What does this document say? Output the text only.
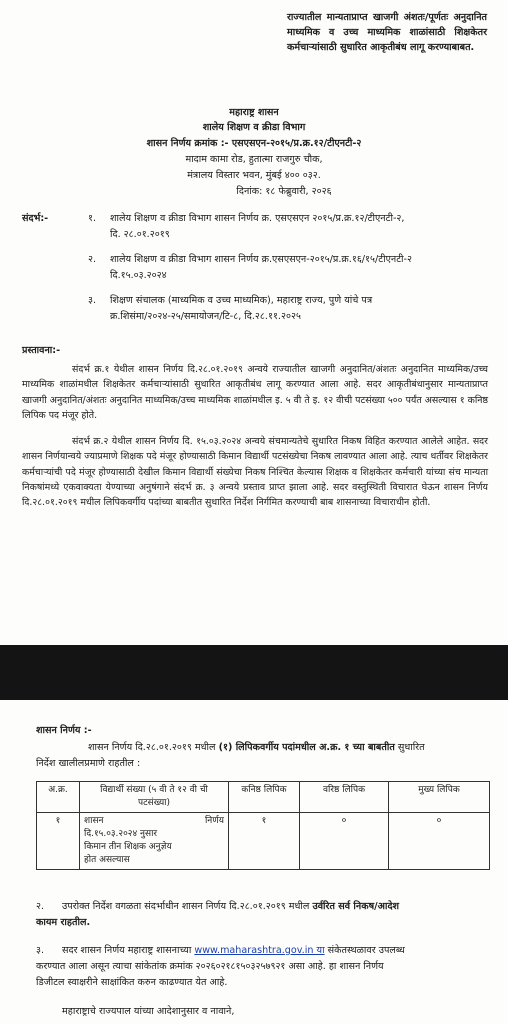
राज्यातील मान्यताप्राप्त खाजगी अंशतः/पूर्णतः अनुदानित माध्यमिक व उच्च माध्यमिक शाळांसाठी शिक्षकेतर कर्मचाऱ्यांसाठी सुधारित आकृतीबंध लागू करण्याबाबत.
महाराष्ट्र शासन
शालेय शिक्षण व क्रीडा विभाग
शासन निर्णय क्रमांक :- एसएसएन-२०१५/प्र.क्र.१२/टीएनटी-२
मादाम कामा रोड, हुतात्मा राजगुरु चौक,
मंत्रालय विस्तार भवन, मुंबई ४०० ०३२.
दिनांक: १८ फेब्रुवारी, २०२६
संदर्भ:-	१. शालेय शिक्षण व क्रीडा विभाग शासन निर्णय क्र. एसएसएन २०१५/प्र.क्र.१२/टीएनटी-२,
दि. २८.०१.२०१९
२. शालेय शिक्षण व क्रीडा विभाग शासन निर्णय क्र.एसएसएन-२०१५/प्र.क्र.१६/१५/टीएनटी-२
दि.१५.०३.२०२४
३. शिक्षण संचालक (माध्यमिक व उच्च माध्यमिक), महाराष्ट्र राज्य, पुणे यांचे पत्र
क्र.शिसंमा/२०२४-२५/समायोजन/टि-८, दि.२८.११.२०२५
प्रस्तावना:-
संदर्भ क्र.१ येथील शासन निर्णय दि.२८.०१.२०१९ अन्वये राज्यातील खाजगी अनुदानित/अंशतः अनुदानित माध्यमिक/उच्च माध्यमिक शाळांमधील शिक्षकेतर कर्मचाऱ्यांसाठी सुधारित आकृतीबंध लागू करण्यात आला आहे. सदर आकृतीबंधानुसार मान्यताप्राप्त खाजगी अनुदानित/अंशतः अनुदानित माध्यमिक/उच्च माध्यमिक शाळांमधील इ. ५ वी ते इ. १२ वीची पटसंख्या ५०० पर्यंत असल्यास १ कनिष्ठ लिपिक पद मंजूर होते.
संदर्भ क्र.२ येथील शासन निर्णय दि. १५.०३.२०२४ अन्वये संचमान्यतेचे सुधारित निकष विहित करण्यात आलेले आहेत. सदर शासन निर्णयान्वये ज्याप्रमाणे शिक्षक पदे मंजूर होण्यासाठी किमान विद्यार्थी पटसंख्येचा निकष लावण्यात आला आहे. त्याच धर्तीवर शिक्षकेतर कर्मचाऱ्यांची पदे मंजूर होण्यासाठी देखील किमान विद्यार्थी संख्येचा निकष निश्चित केल्यास शिक्षक व शिक्षकेतर कर्मचारी यांच्या संच मान्यता निकषांमध्ये एकवाक्यता येण्याच्या अनुषंगाने संदर्भ क्र. ३ अन्वये प्रस्ताव प्राप्त झाला आहे. सदर वस्तुस्थिती विचारात घेऊन शासन निर्णय दि.२८.०१.२०१९ मधील लिपिकवर्गीय पदांच्या बाबतीत सुधारित निर्देश निर्गमित करण्याची बाब शासनाच्या विचाराधीन होती.
शासन निर्णय :-
शासन निर्णय दि.२८.०१.२०१९ मधील (१) लिपिकवर्गीय पदांमधील अ.क्र. १ च्या बाबतीत सुधारित
निर्देश खालीलप्रमाणे राहतील :
अ.क्र.	विद्यार्थी संख्या (५ वी ते १२ वी ची पटसंख्या)	कनिष्ठ लिपिक	वरिष्ठ लिपिक	मुख्य लिपिक
१	शासन निर्णय
दि.१५.०३.२०२४ नुसार
किमान तीन शिक्षक अनुज्ञेय
होत असल्यास	१	०	०
२. उपरोक्त निर्देश वगळता संदर्भाधीन शासन निर्णय दि.२८.०१.२०१९ मधील उर्वरित सर्व निकष/आदेश
कायम राहतील.
३. सदर शासन निर्णय महाराष्ट्र शासनाच्या www.maharashtra.gov.in या संकेतस्थळावर उपलब्ध
करण्यात आला असून त्याचा सांकेतांक क्रमांक २०२६०२१८१५०३२५७९२१ असा आहे. हा शासन निर्णय
डिजीटल स्वाक्षरीने साक्षांकित करुन काढण्यात येत आहे.
महाराष्ट्राचे राज्यपाल यांच्या आदेशानुसार व नावाने,
